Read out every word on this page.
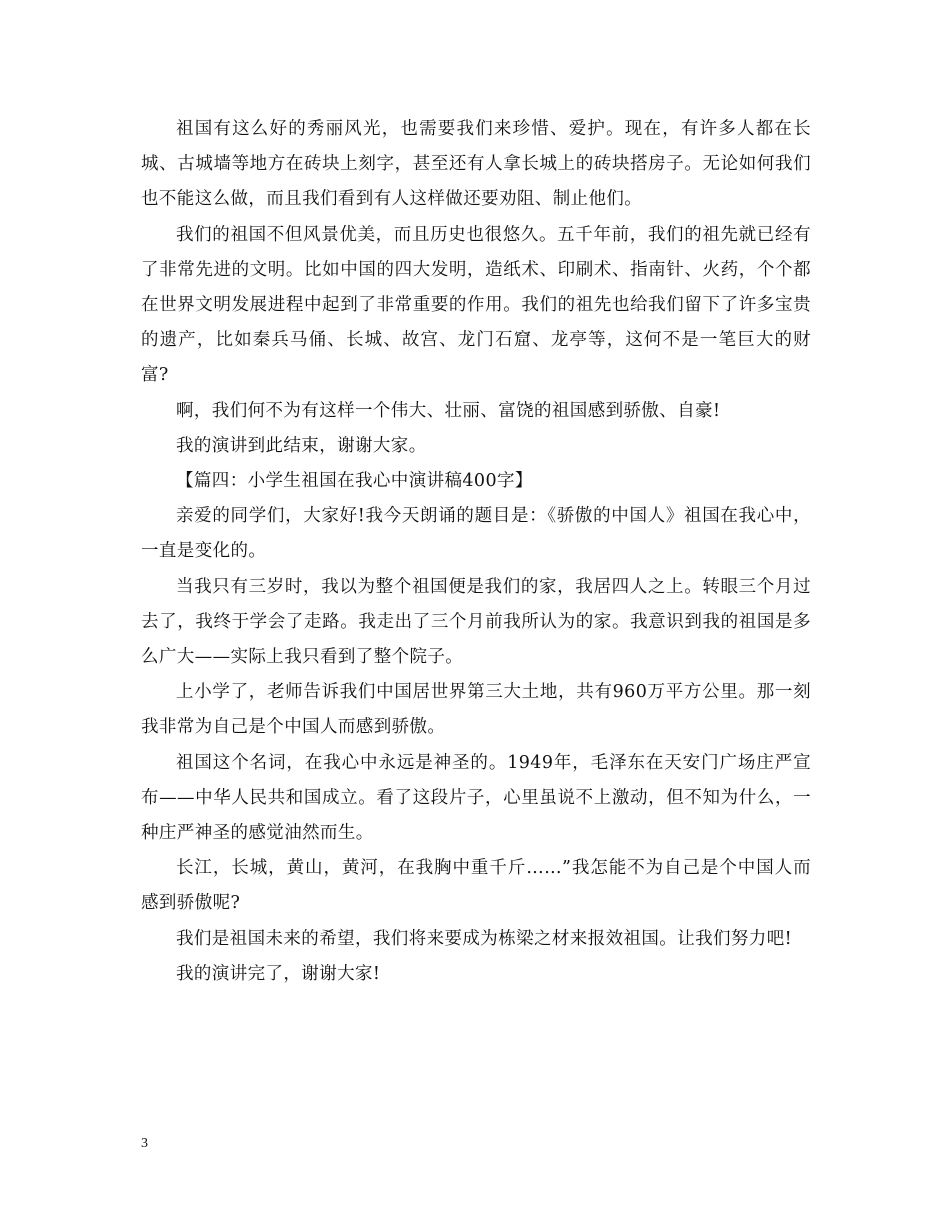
祖国有这么好的秀丽风光，也需要我们来珍惜、爱护。现在，有许多人都在长城、古城墙等地方在砖块上刻字，甚至还有人拿长城上的砖块搭房子。无论如何我们也不能这么做，而且我们看到有人这样做还要劝阻、制止他们。

我们的祖国不但风景优美，而且历史也很悠久。五千年前，我们的祖先就已经有了非常先进的文明。比如中国的四大发明，造纸术、印刷术、指南针、火药，个个都在世界文明发展进程中起到了非常重要的作用。我们的祖先也给我们留下了许多宝贵的遗产，比如秦兵马俑、长城、故宫、龙门石窟、龙亭等，这何不是一笔巨大的财富?

啊，我们何不为有这样一个伟大、壮丽、富饶的祖国感到骄傲、自豪!

我的演讲到此结束，谢谢大家。

【篇四：小学生祖国在我心中演讲稿400字】

亲爱的同学们，大家好!我今天朗诵的题目是：《骄傲的中国人》祖国在我心中，一直是变化的。

当我只有三岁时，我以为整个祖国便是我们的家，我居四人之上。转眼三个月过去了，我终于学会了走路。我走出了三个月前我所认为的家。我意识到我的祖国是多么广大——实际上我只看到了整个院子。

上小学了，老师告诉我们中国居世界第三大土地，共有960万平方公里。那一刻我非常为自己是个中国人而感到骄傲。

祖国这个名词，在我心中永远是神圣的。1949年，毛泽东在天安门广场庄严宣布——中华人民共和国成立。看了这段片子，心里虽说不上激动，但不知为什么，一种庄严神圣的感觉油然而生。

长江，长城，黄山，黄河，在我胸中重千斤……”我怎能不为自己是个中国人而感到骄傲呢?

我们是祖国未来的希望，我们将来要成为栋梁之材来报效祖国。让我们努力吧!

我的演讲完了，谢谢大家!

3
